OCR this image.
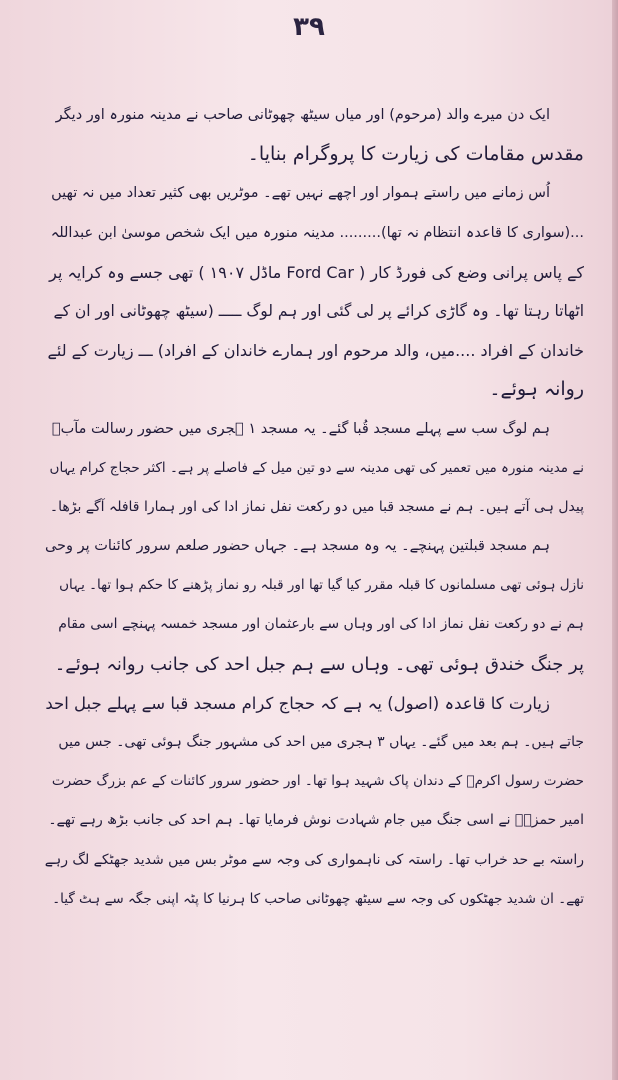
۳۹
ایک دن میرے والد (مرحوم) اور میاں سیٹھ چھوٹانی صاحب نے مدینہ منورہ اور دیگر
مقدس مقامات کی زیارت کا پروگرام بنایا۔
اُس زمانے میں راستے ہموار اور اچھے نہیں تھے۔ موٹریں بھی کثیر تعداد میں نہ تھیں
...(سواری کا قاعدہ انتظام نہ تھا)......... مدینہ منورہ میں ایک شخص موسیٰ ابن عبداللہ
کے پاس پرانی وضع کی فورڈ کار ( Ford Car ماڈل ۱۹۰۷ ) تھی جسے وہ کرایہ پر
اٹھاتا رہتا تھا۔ وہ گاڑی کرائے پر لی گئی اور ہم لوگ ـــــ (سیٹھ چھوٹانی اور ان کے
خاندان کے افراد ....میں، والد مرحوم اور ہمارے خاندان کے افراد) ـــ زیارت کے لئے
روانہ ہوئے۔
ہم لوگ سب سے پہلے مسجد قُبا گئے۔ یہ مسجد ۱ ہجری میں حضور رسالت مآبؐ
نے مدینہ منورہ میں تعمیر کی تھی مدینہ سے دو تین میل کے فاصلے پر ہے۔ اکثر حجاج کرام یہاں
پیدل ہی آتے ہیں۔ ہم نے مسجد قبا میں دو رکعت نفل نماز ادا کی اور ہمارا قافلہ آگے بڑھا۔
ہم مسجد قبلتین پہنچے۔ یہ وہ مسجد ہے۔ جہاں حضور صلعم سرور کائنات پر وحی
نازل ہوئی تھی مسلمانوں کا قبلہ مقرر کیا گیا تھا اور قبلہ رو نماز پڑھنے کا حکم ہوا تھا۔ یہاں
ہم نے دو رکعت نفل نماز ادا کی اور وہاں سے بارعثمان اور مسجد خمسہ پہنچے اسی مقام
پر جنگ خندق ہوئی تھی۔ وہاں سے ہم جبل احد کی جانب روانہ ہوئے۔
زیارت کا قاعدہ (اصول) یہ ہے کہ حجاج کرام مسجد قبا سے پہلے جبل احد
جاتے ہیں۔ ہم بعد میں گئے۔ یہاں ۳ ہجری میں احد کی مشہور جنگ ہوئی تھی۔ جس میں
حضرت رسول اکرمؐ کے دندان پاک شہید ہوا تھا۔ اور حضور سرور کائنات کے عم بزرگ حضرت
امیر حمزہؓ نے اسی جنگ میں جام شہادت نوش فرمایا تھا۔ ہم احد کی جانب بڑھ رہے تھے۔
راستہ بے حد خراب تھا۔ راستہ کی ناہمواری کی وجہ سے موٹر بس میں شدید جھٹکے لگ رہے
تھے۔ ان شدید جھٹکوں کی وجہ سے سیٹھ چھوٹانی صاحب کا ہرنیا کا پٹہ اپنی جگہ سے ہٹ گیا۔
